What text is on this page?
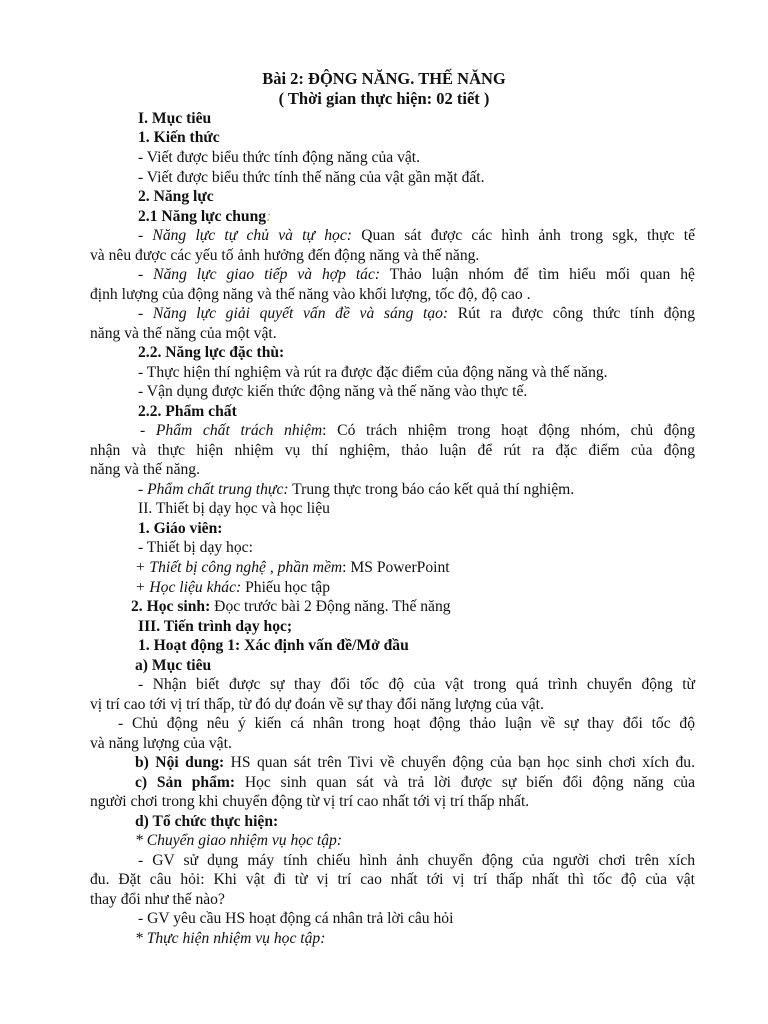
Bài 2: ĐỘNG NĂNG. THẾ NĂNG
( Thời gian thực hiện: 02 tiết )
I. Mục tiêu
1. Kiến thức
- Viết được biểu thức tính động năng của vật.
- Viết được biểu thức tính thế năng của vật gần mặt đất.
2. Năng lực
2.1 Năng lực chung:
- Năng lực tự chủ và tự học: Quan sát được các hình ảnh trong sgk, thực tế
và nêu được các yếu tố ảnh hưởng đến động năng và thế năng.
- Năng lực giao tiếp và hợp tác: Thảo luận nhóm để tìm hiểu mối quan hệ
định lượng của động năng và thế năng vào khối lượng, tốc độ, độ cao .
- Năng lực giải quyết vấn đề và sáng tạo: Rút ra được công thức tính động
năng và thế năng của một vật.
2.2. Năng lực đặc thù:
- Thực hiện thí nghiệm và rút ra được đặc điểm của động năng và thế năng.
- Vận dụng được kiến thức động năng và thế năng vào thực tế.
2.2. Phẩm chất
- Phẩm chất trách nhiệm: Có trách nhiệm trong hoạt động nhóm, chủ động
nhận và thực hiện nhiệm vụ thí nghiệm, thảo luận để rút ra đặc điểm của động
năng và thế năng.
- Phẩm chất trung thực: Trung thực trong báo cáo kết quả thí nghiệm.
II. Thiết bị dạy học và học liệu
1. Giáo viên:
- Thiết bị dạy học:
+ Thiết bị công nghệ , phần mềm: MS PowerPoint
+ Học liệu khác: Phiếu học tập
2. Học sinh: Đọc trước bài 2 Động năng. Thế năng
III. Tiến trình dạy học;
1. Hoạt động 1: Xác định vấn đề/Mở đầu
a) Mục tiêu
- Nhận biết được sự thay đổi tốc độ của vật trong quá trình chuyển động từ
vị trí cao tới vị trí thấp, từ đó dự đoán về sự thay đổi năng lượng của vật.
- Chủ động nêu ý kiến cá nhân trong hoạt động thảo luận về sự thay đổi tốc độ
và năng lượng của vật.
b) Nội dung: HS quan sát trên Tivi về chuyển động của bạn học sinh chơi xích đu.
c) Sản phẩm: Học sinh quan sát và trả lời được sự biến đổi động năng của
người chơi trong khi chuyển động từ vị trí cao nhất tới vị trí thấp nhất.
d) Tổ chức thực hiện:
* Chuyển giao nhiệm vụ học tập:
- GV sử dụng máy tính chiếu hình ảnh chuyển động của người chơi trên xích
đu. Đặt câu hỏi: Khi vật đi từ vị trí cao nhất tới vị trí thấp nhất thì tốc độ của vật
thay đổi như thế nào?
- GV yêu cầu HS hoạt động cá nhân trả lời câu hỏi
* Thực hiện nhiệm vụ học tập:
